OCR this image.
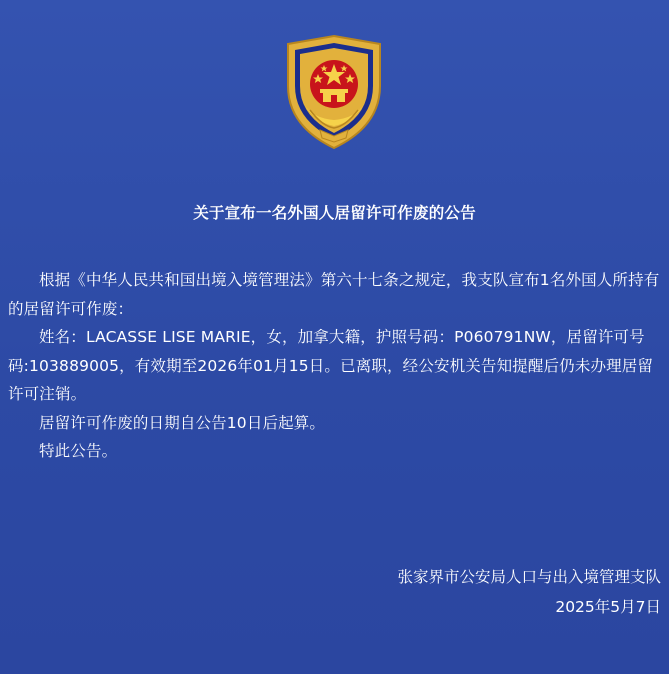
关于宣布一名外国人居留许可作废的公告

根据《中华人民共和国出境入境管理法》第六十七条之规定，我支队宣布1名外国人所持有的居留许可作废：

姓名：LACASSE LISE MARIE，女，加拿大籍，护照号码：P060791NW，居留许可号码:103889005，有效期至2026年01月15日。已离职，经公安机关告知提醒后仍未办理居留许可注销。

居留许可作废的日期自公告10日后起算。

特此公告。

张家界市公安局人口与出入境管理支队
2025年5月7日
